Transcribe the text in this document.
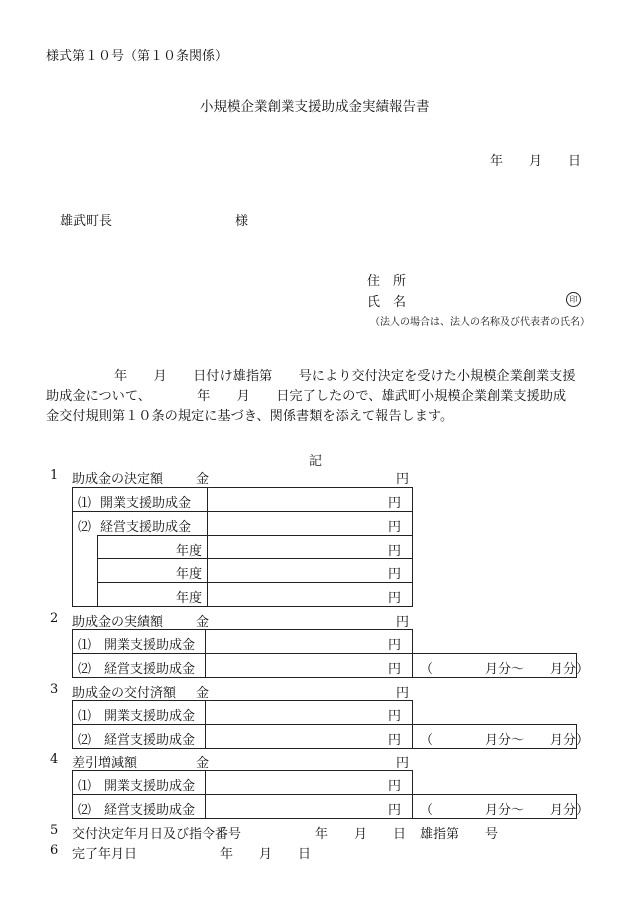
様式第１０号（第１０条関係）
小規模企業創業支援助成金実績報告書
年　　月　　日
雄武町長	様
住　所
氏　名	印
（法人の場合は、法人の名称及び代表者の氏名）
年　　月　　日付け雄指第　　号により交付決定を受けた小規模企業創業支援
助成金について、　　　　年　　月　　日完了したので、雄武町小規模企業創業支援助成
金交付規則第１０条の規定に基づき、関係書類を添えて報告します。
記
1 助成金の決定額	金	円
⑴ 開業支援助成金	円
⑵ 経営支援助成金	円
年度	円
年度	円
年度	円
2 助成金の実績額	金	円
⑴ 開業支援助成金	円
⑵ 経営支援助成金	円 （　　　　月分～　　月分）
3 助成金の交付済額 金	円
⑴ 開業支援助成金	円
⑵ 経営支援助成金	円 （　　　　月分～　　月分）
4 差引増減額	金	円
⑴ 開業支援助成金	円
⑵ 経営支援助成金	円 （　　　　月分～　　月分）
5 交付決定年月日及び指令番号	年　　月　　日 雄指第　　号
6 完了年月日	年　　月　　日
